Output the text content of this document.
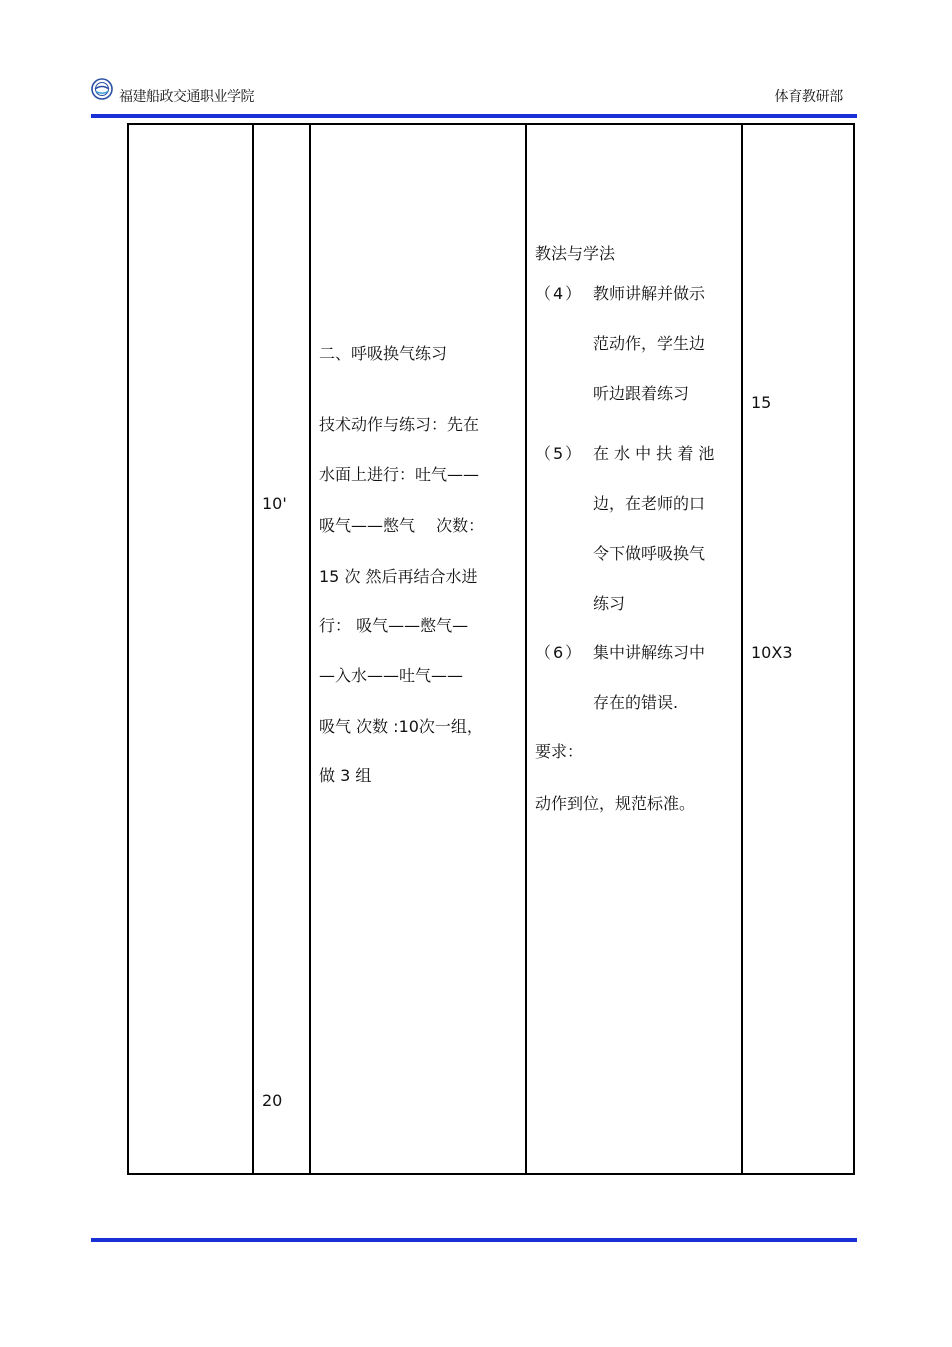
福建船政交通职业学院	体育教研部
10'
20
二、呼吸换气练习
技术动作与练习：先在
水面上进行：吐气——
吸气——憋气　 次数：
15 次 然后再结合水进
行： 吸气——憋气—
—入水——吐气——
吸气 次数 :10次一组，
做 3 组
教法与学法
（4） 教师讲解并做示
范动作，学生边
听边跟着练习
（5） 在 水 中 扶 着 池
边，在老师的口
令下做呼吸换气
练习
（6） 集中讲解练习中
存在的错误.
要求：
动作到位，规范标准。
15
10X3
